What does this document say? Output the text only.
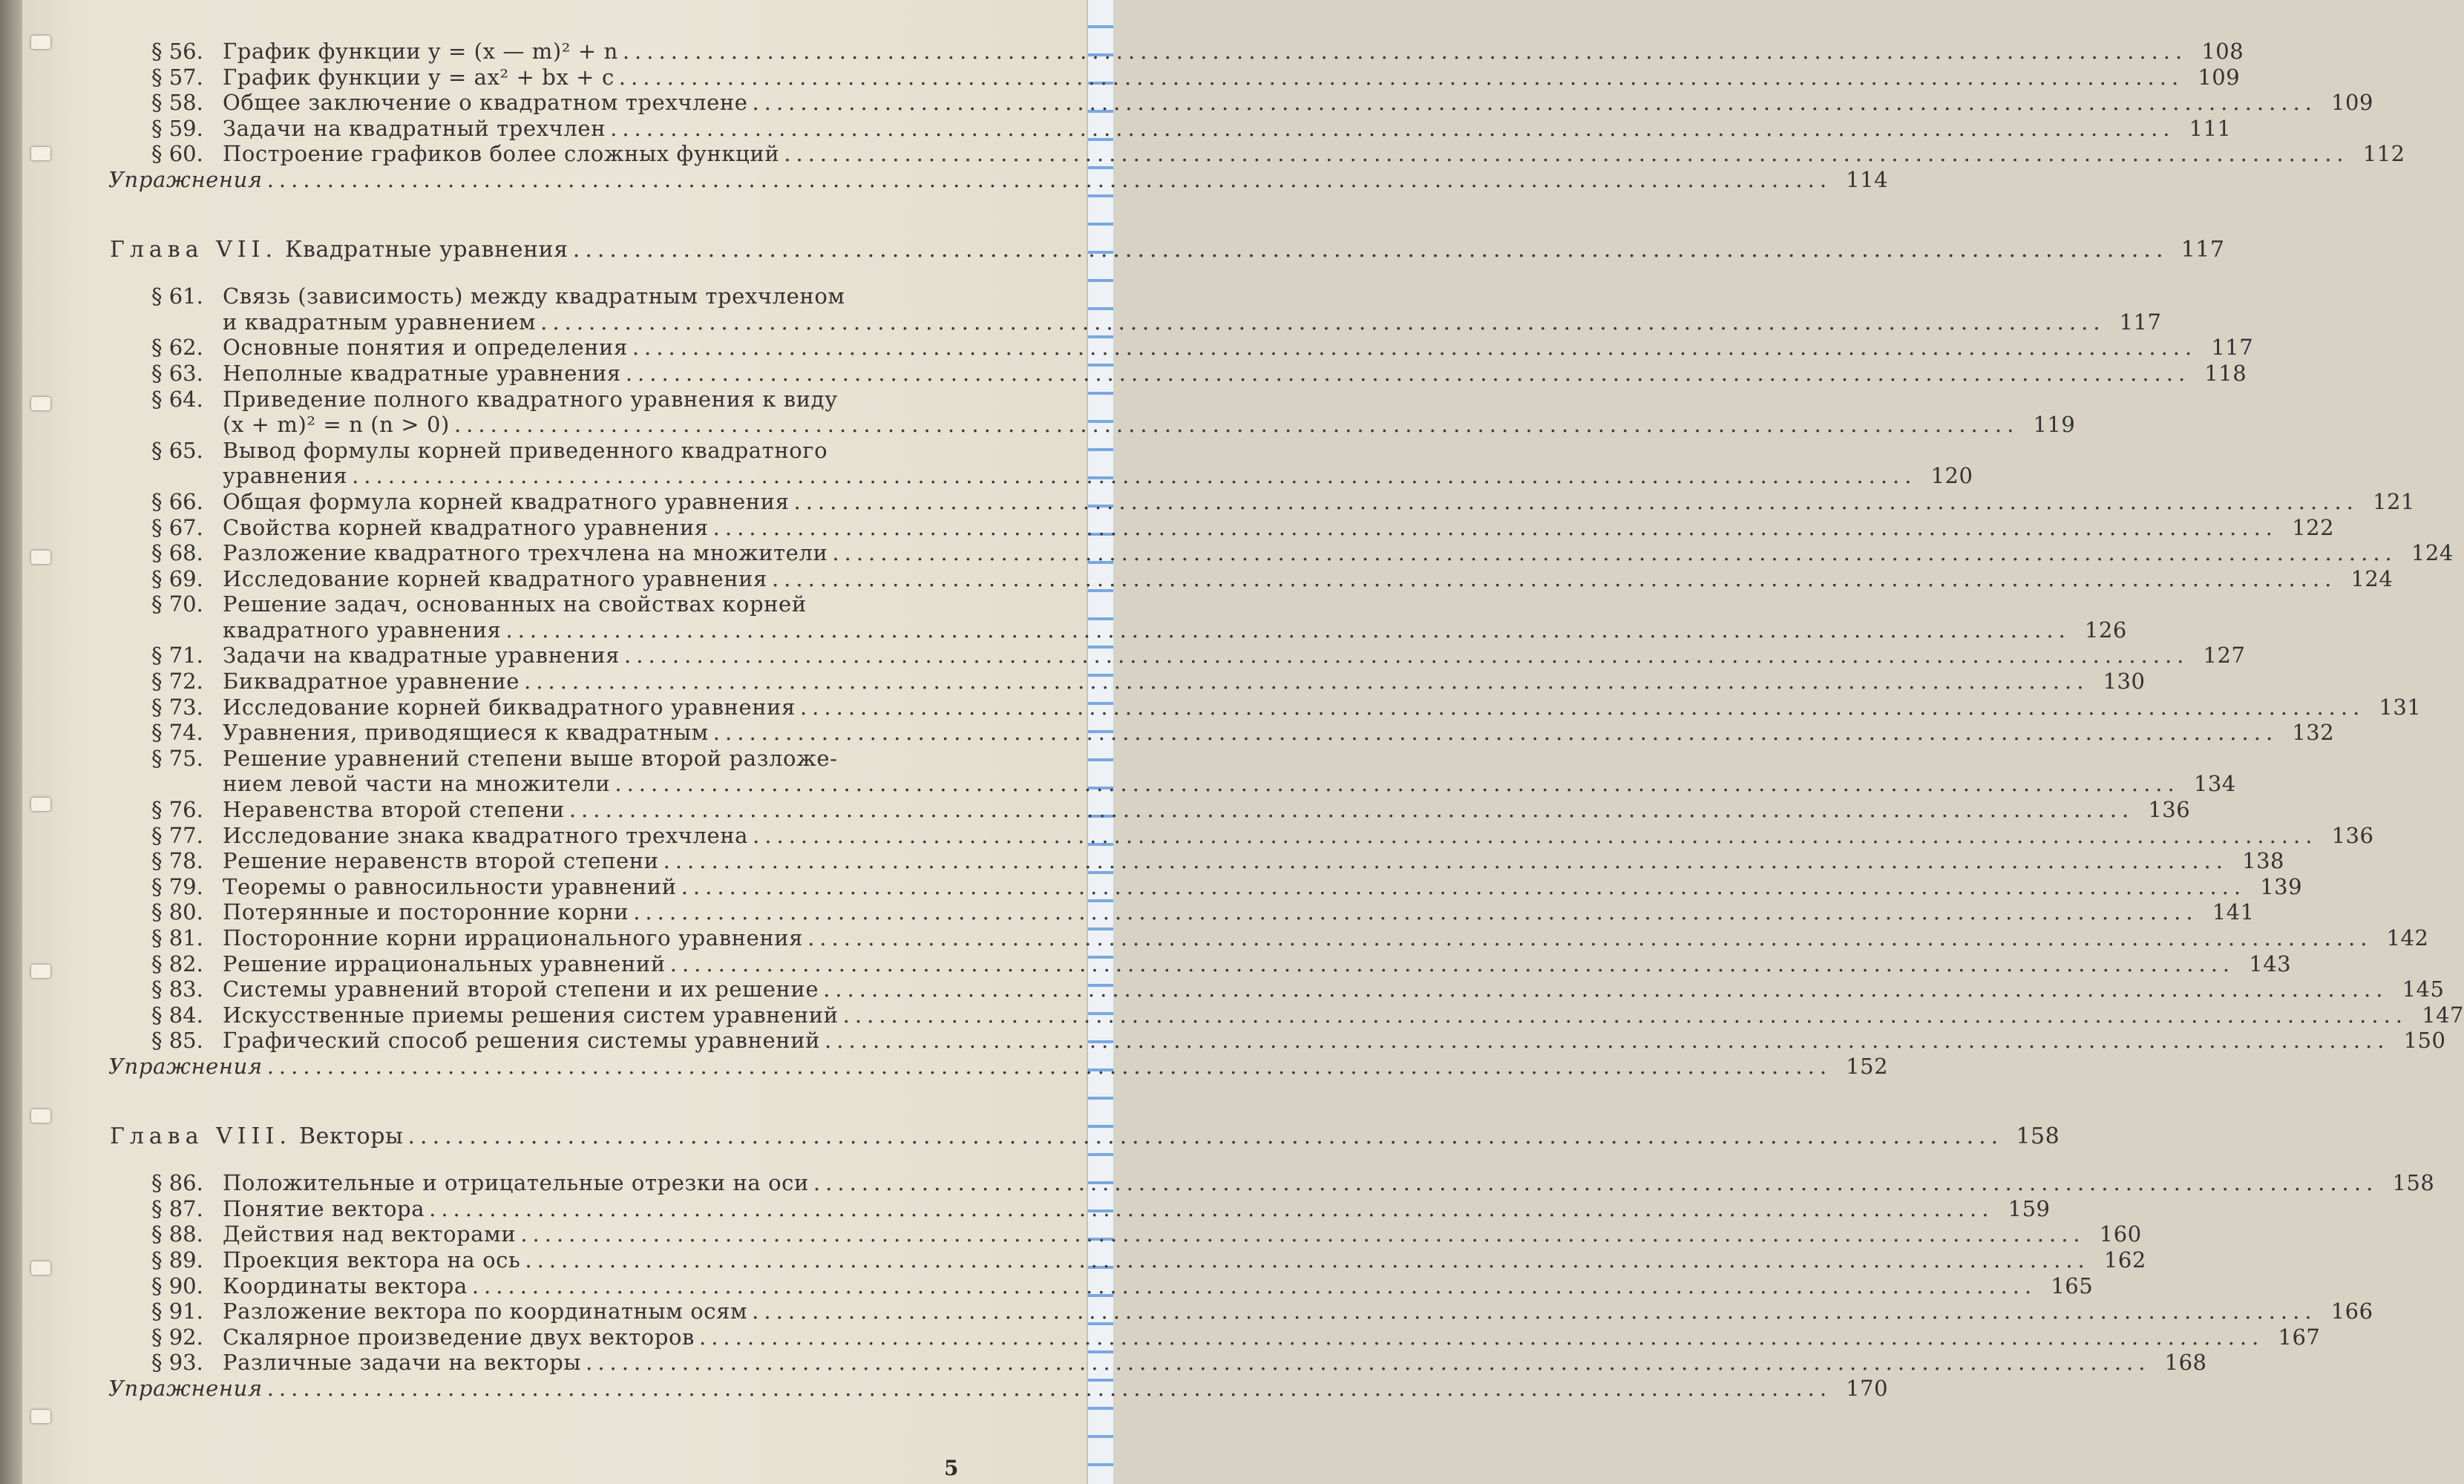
§ 56. График функции y = (x — m)² + n .................................................................................................................................. 108
§ 57. График функции y = ax² + bx + c .................................................................................................................................. 109
§ 58. Общее заключение о квадратном трехчлене .................................................................................................................................. 109
§ 59. Задачи на квадратный трехчлен .................................................................................................................................. 111
§ 60. Построение графиков более сложных функций .................................................................................................................................. 112
Упражнения .................................................................................................................................. 114
Глава VII. Квадратные уравнения .................................................................................................................................. 117
§ 61. Связь (зависимость) между квадратным трехчленом
и квадратным уравнением .................................................................................................................................. 117
§ 62. Основные понятия и определения .................................................................................................................................. 117
§ 63. Неполные квадратные уравнения .................................................................................................................................. 118
§ 64. Приведение полного квадратного уравнения к виду
(x + m)² = n (n > 0) .................................................................................................................................. 119
§ 65. Вывод формулы корней приведенного квадратного
уравнения .................................................................................................................................. 120
§ 66. Общая формула корней квадратного уравнения .................................................................................................................................. 121
§ 67. Свойства корней квадратного уравнения .................................................................................................................................. 122
§ 68. Разложение квадратного трехчлена на множители .................................................................................................................................. 124
§ 69. Исследование корней квадратного уравнения .................................................................................................................................. 124
§ 70. Решение задач, основанных на свойствах корней
квадратного уравнения .................................................................................................................................. 126
§ 71. Задачи на квадратные уравнения .................................................................................................................................. 127
§ 72. Биквадратное уравнение .................................................................................................................................. 130
§ 73. Исследование корней биквадратного уравнения .................................................................................................................................. 131
§ 74. Уравнения, приводящиеся к квадратным .................................................................................................................................. 132
§ 75. Решение уравнений степени выше второй разложе-
нием левой части на множители .................................................................................................................................. 134
§ 76. Неравенства второй степени .................................................................................................................................. 136
§ 77. Исследование знака квадратного трехчлена .................................................................................................................................. 136
§ 78. Решение неравенств второй степени .................................................................................................................................. 138
§ 79. Теоремы о равносильности уравнений .................................................................................................................................. 139
§ 80. Потерянные и посторонние корни .................................................................................................................................. 141
§ 81. Посторонние корни иррационального уравнения .................................................................................................................................. 142
§ 82. Решение иррациональных уравнений .................................................................................................................................. 143
§ 83. Системы уравнений второй степени и их решение .................................................................................................................................. 145
§ 84. Искусственные приемы решения систем уравнений .................................................................................................................................. 147
§ 85. Графический способ решения системы уравнений .................................................................................................................................. 150
Упражнения .................................................................................................................................. 152
Глава VIII. Векторы .................................................................................................................................. 158
§ 86. Положительные и отрицательные отрезки на оси .................................................................................................................................. 158
§ 87. Понятие вектора .................................................................................................................................. 159
§ 88. Действия над векторами .................................................................................................................................. 160
§ 89. Проекция вектора на ось .................................................................................................................................. 162
§ 90. Координаты вектора .................................................................................................................................. 165
§ 91. Разложение вектора по координатным осям .................................................................................................................................. 166
§ 92. Скалярное произведение двух векторов .................................................................................................................................. 167
§ 93. Различные задачи на векторы .................................................................................................................................. 168
Упражнения .................................................................................................................................. 170
5
